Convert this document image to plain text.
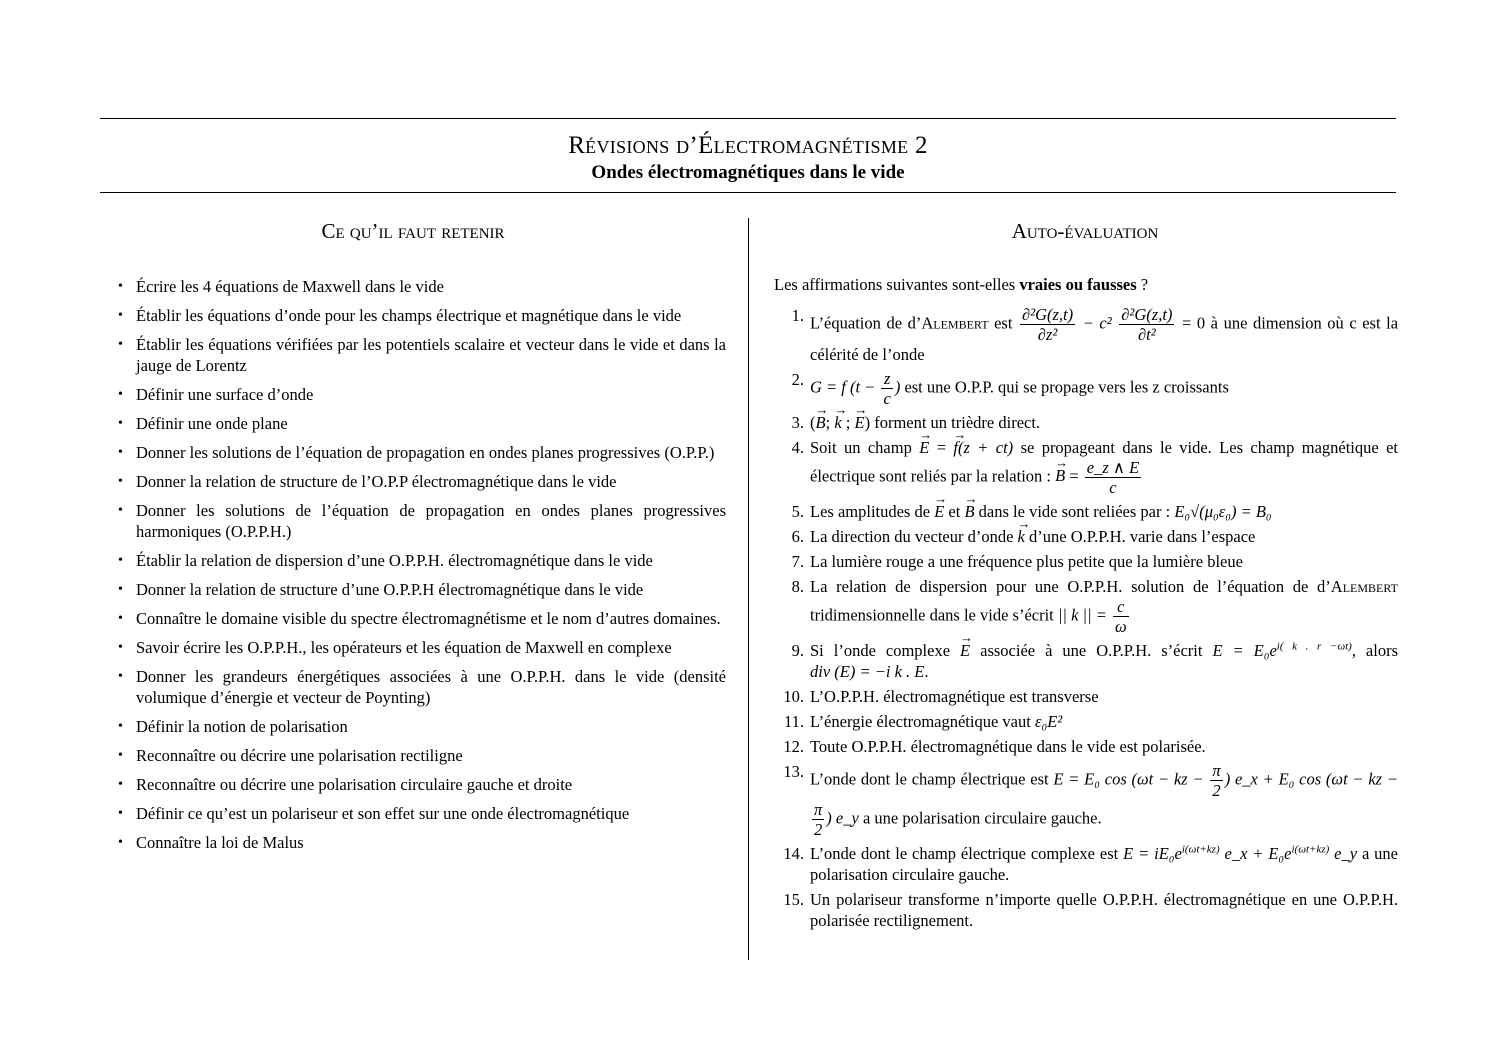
Révisions d’Électromagnétisme 2
Ondes électromagnétiques dans le vide
Ce qu’il faut retenir	Auto-évaluation
• Écrire les 4 équations de Maxwell dans le vide
• Établir les équations d’onde pour les champs électrique et magnétique dans le vide
• Établir les équations vérifiées par les potentiels scalaire et vecteur dans le vide et dans la jauge de Lorentz
• Définir une surface d’onde
• Définir une onde plane
• Donner les solutions de l’équation de propagation en ondes planes progressives (O.P.P.)
• Donner la relation de structure de l’O.P.P électromagnétique dans le vide
• Donner les solutions de l’équation de propagation en ondes planes progressives harmoniques (O.P.P.H.)
• Établir la relation de dispersion d’une O.P.P.H. électromagnétique dans le vide
• Donner la relation de structure d’une O.P.P.H électromagnétique dans le vide
• Connaître le domaine visible du spectre électromagnétisme et le nom d’autres domaines.
• Savoir écrire les O.P.P.H., les opérateurs et les équation de Maxwell en complexe
• Donner les grandeurs énergétiques associées à une O.P.P.H. dans le vide (densité volumique d’énergie et vecteur de Poynting)
• Définir la notion de polarisation
• Reconnaître ou décrire une polarisation rectiligne
• Reconnaître ou décrire une polarisation circulaire gauche et droite
• Définir ce qu’est un polariseur et son effet sur une onde électromagnétique
• Connaître la loi de Malus

Les affirmations suivantes sont-elles vraies ou fausses ?

1. L’équation de d’Alembert est $\frac{\text{∂²G(z,t)}}{\text{∂z²}} - c^2 \frac{\text{∂²G(z,t)}}{\text{∂t²}} = 0$ à une dimension où c est la célérité de l’onde
2. G = f ($t - \frac{z}{c}$ ) est une O.P.P. qui se propage vers les z croissants
3. (→ B; → k ; → E) forment un trièdre direct.
4. Soit un champ → E = → f(z + ct) se propageant dans le vide. Les champ magnétique et électrique sont reliés par la relation : → $B = \frac{e\_z \wedge E}{c}$
5. Les amplitudes de → E et → B dans le vide sont reliées par : E₀√(μ₀ε₀) = B₀
6. La direction du vecteur d’onde → k d’une O.P.P.H. varie dans l’espace
7. La lumière rouge a une fréquence plus petite que la lumière bleue
8. La relation de dispersion pour une O.P.P.H. solution de l’équation de d’Alembert tridimensionnelle dans le vide s’écrit || k || = $\frac{c}{\omega}$
9. Si l’onde complexe → E associée à une O.P.P.H. s’écrit $E = E_0e^{i( k . r -\omega t)}$, alors div (E) = −i k . E.
10. L’O.P.P.H. électromagnétique est transverse
11. L’énergie électromagnétique vaut ε₀E²
12. Toute O.P.P.H. électromagnétique dans le vide est polarisée.
13. L’onde dont le champ électrique est E = E₀ cos (ωt − kz − $\frac{\pi}{2}$ ) e_x + E₀ cos (ωt − kz −
$\frac{\pi}{2}$ ) e_y a une polarisation circulaire gauche.
14. L’onde dont le champ électrique complexe est $E = iE_0e^{i(\omega t+kz)}$ e_x + $E_0e^{i(\omega t+kz)}$ e_y a une polarisation circulaire gauche.
15. Un polariseur transforme n’importe quelle O.P.P.H. électromagnétique en une O.P.P.H. polarisée rectilignement.
